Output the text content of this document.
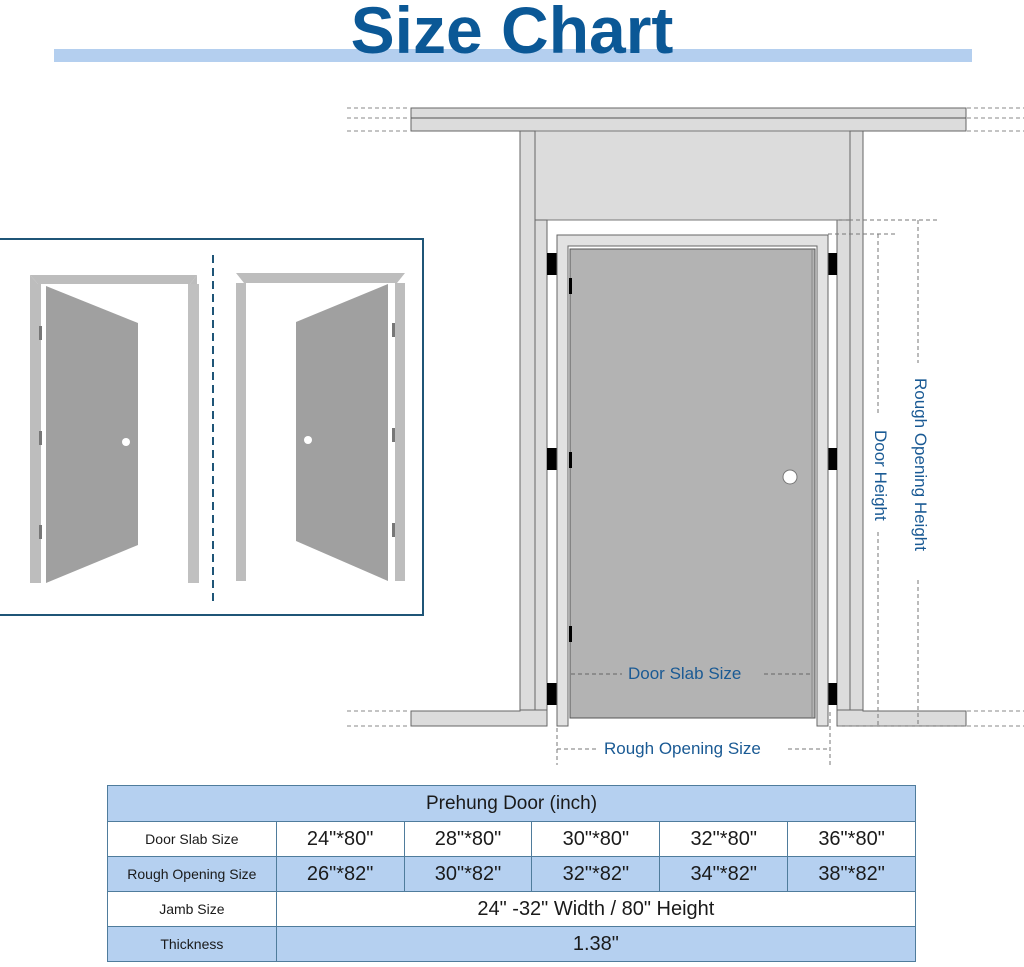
Size Chart
Door Slab Size
Rough Opening Size
Door Height Rough Opening Height
Prehung Door (inch)					
Door Slab Size	24"*80"	28"*80"	30"*80"	32"*80"	36"*80"
Rough Opening Size	26"*82"	30"*82"	32"*82"	34"*82"	38"*82"
Jamb Size	24" -32" Width / 80" Height				
Thickness	1.38"				
